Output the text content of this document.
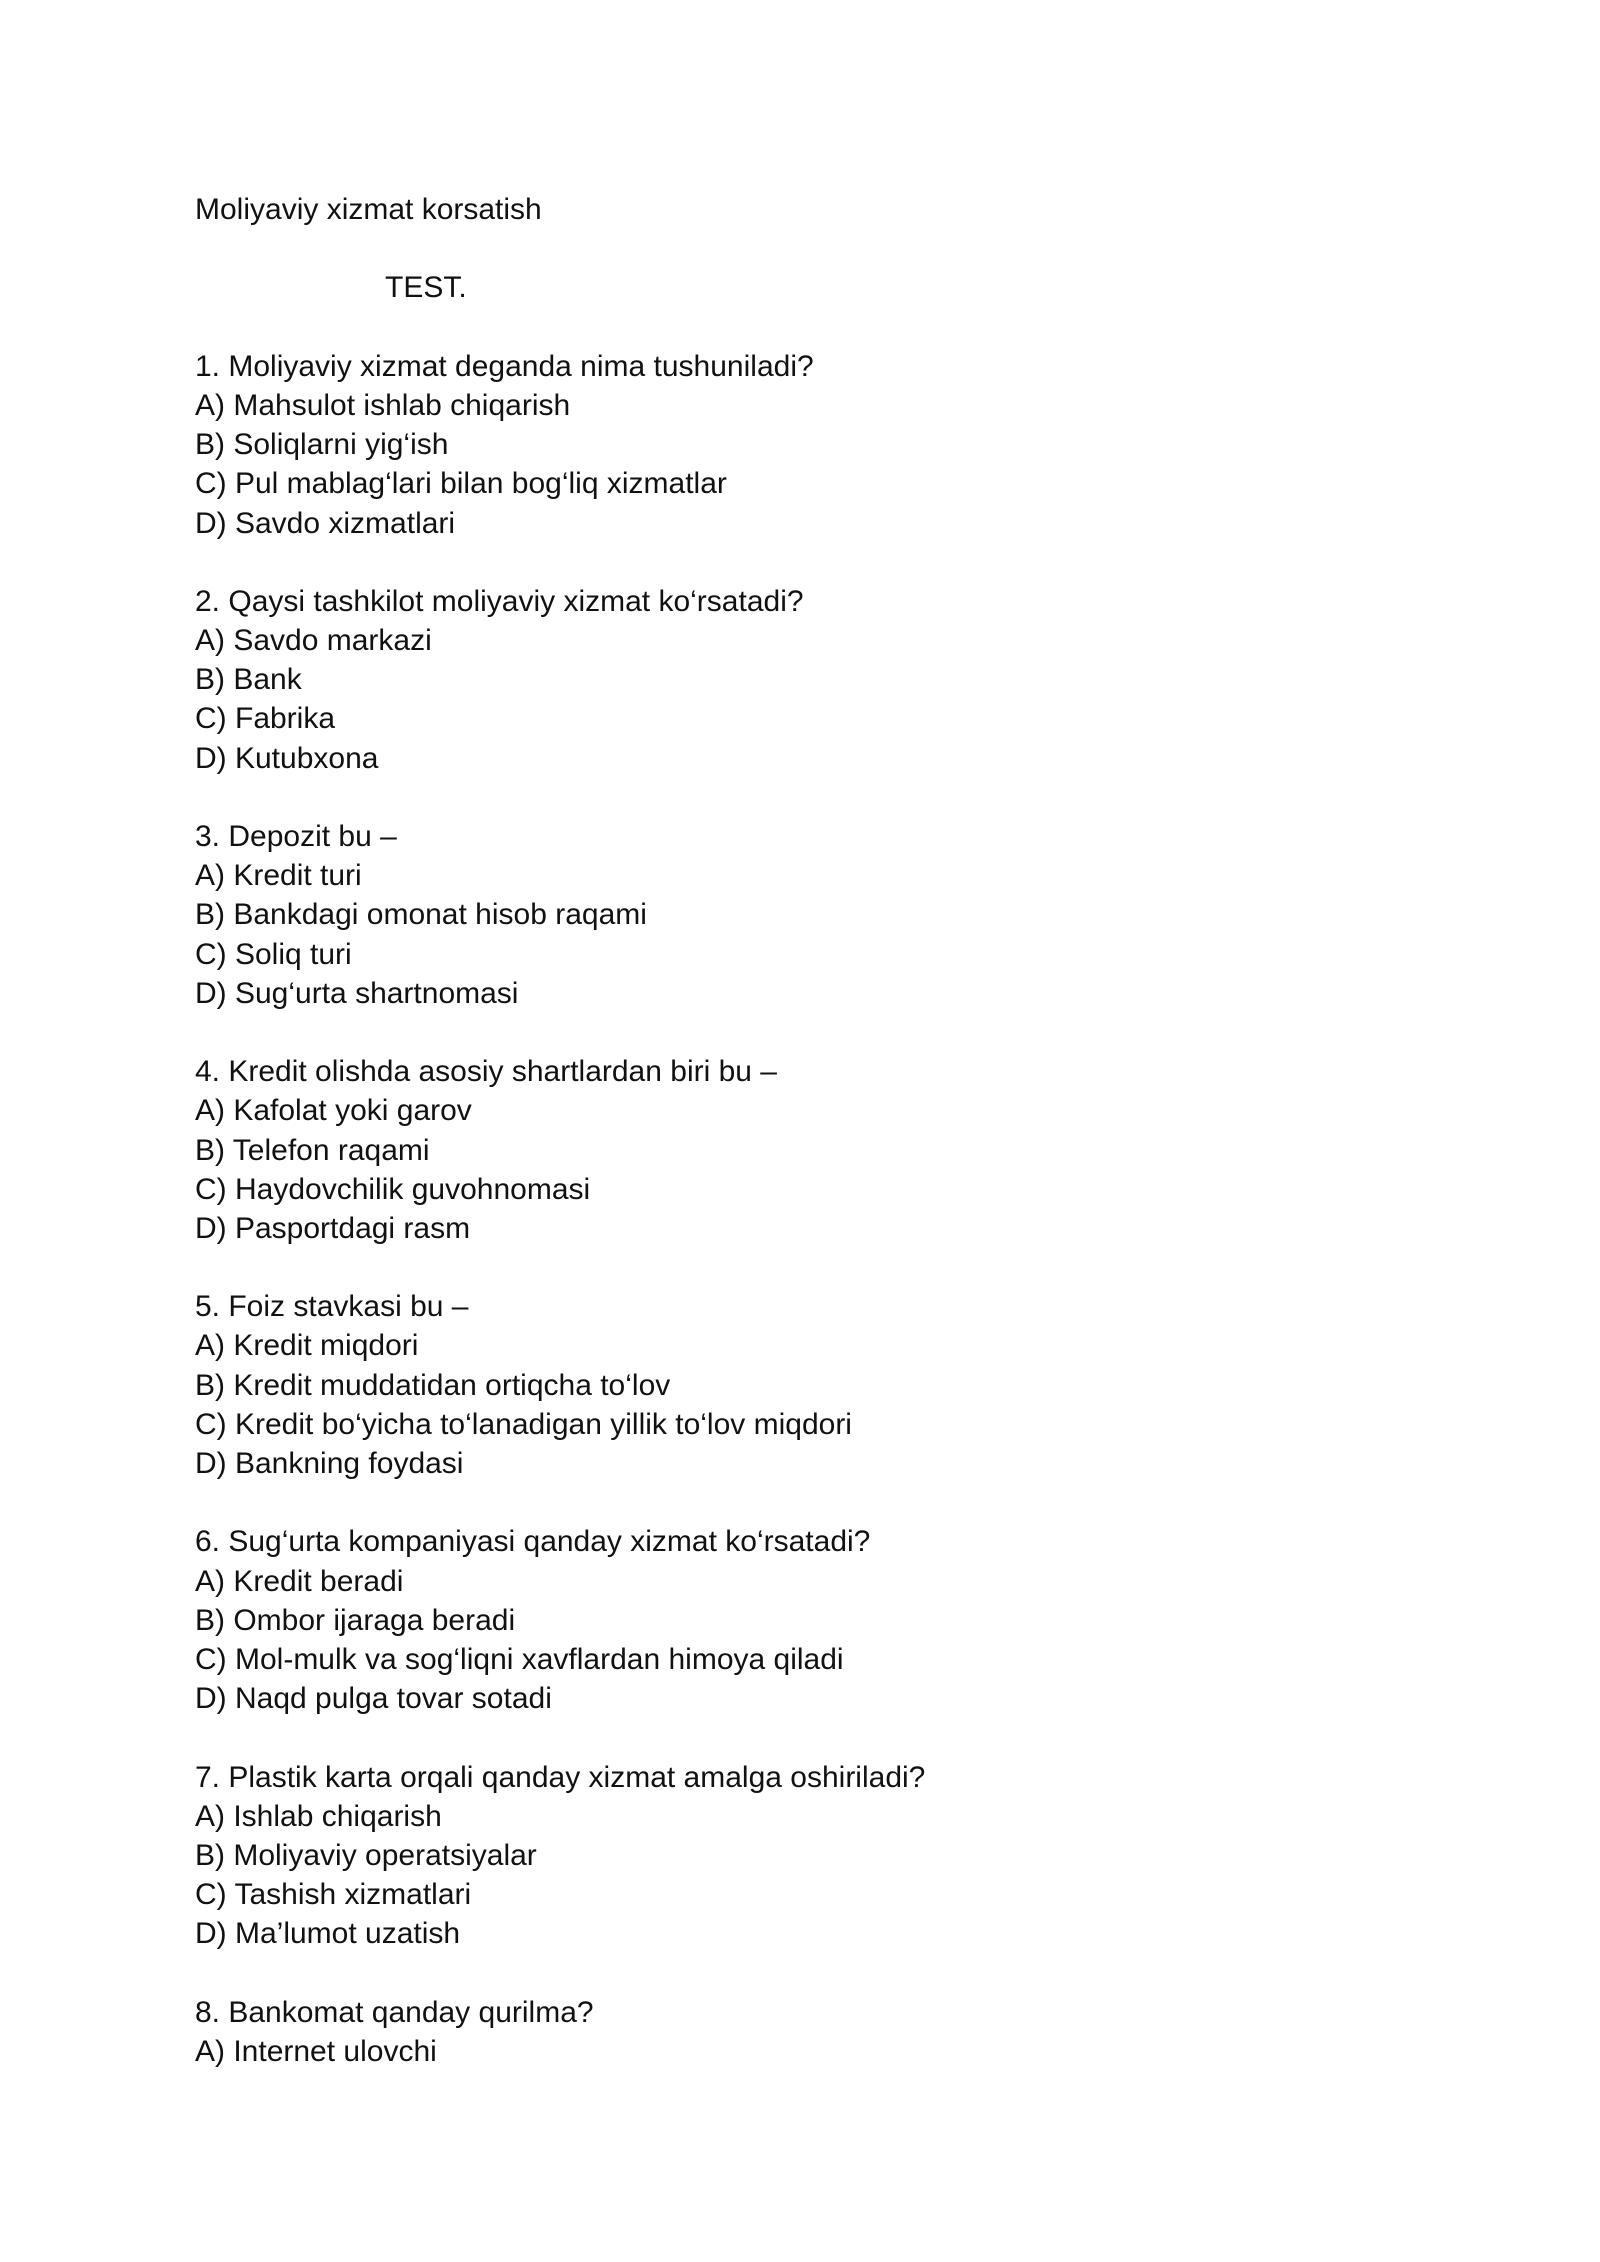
Moliyaviy xizmat korsatish

TEST.

1. Moliyaviy xizmat deganda nima tushuniladi?

A) Mahsulot ishlab chiqarish

B) Soliqlarni yig‘ish

C) Pul mablag‘lari bilan bog‘liq xizmatlar

D) Savdo xizmatlari

2. Qaysi tashkilot moliyaviy xizmat ko‘rsatadi?

A) Savdo markazi

B) Bank

C) Fabrika

D) Kutubxona

3. Depozit bu –

A) Kredit turi

B) Bankdagi omonat hisob raqami

C) Soliq turi

D) Sug‘urta shartnomasi

4. Kredit olishda asosiy shartlardan biri bu –

A) Kafolat yoki garov

B) Telefon raqami

C) Haydovchilik guvohnomasi

D) Pasportdagi rasm

5. Foiz stavkasi bu –

A) Kredit miqdori

B) Kredit muddatidan ortiqcha to‘lov

C) Kredit bo‘yicha to‘lanadigan yillik to‘lov miqdori

D) Bankning foydasi

6. Sug‘urta kompaniyasi qanday xizmat ko‘rsatadi?

A) Kredit beradi

B) Ombor ijaraga beradi

C) Mol-mulk va sog‘liqni xavflardan himoya qiladi

D) Naqd pulga tovar sotadi

7. Plastik karta orqali qanday xizmat amalga oshiriladi?

A) Ishlab chiqarish

B) Moliyaviy operatsiyalar

C) Tashish xizmatlari

D) Ma’lumot uzatish

8. Bankomat qanday qurilma?

A) Internet ulovchi
